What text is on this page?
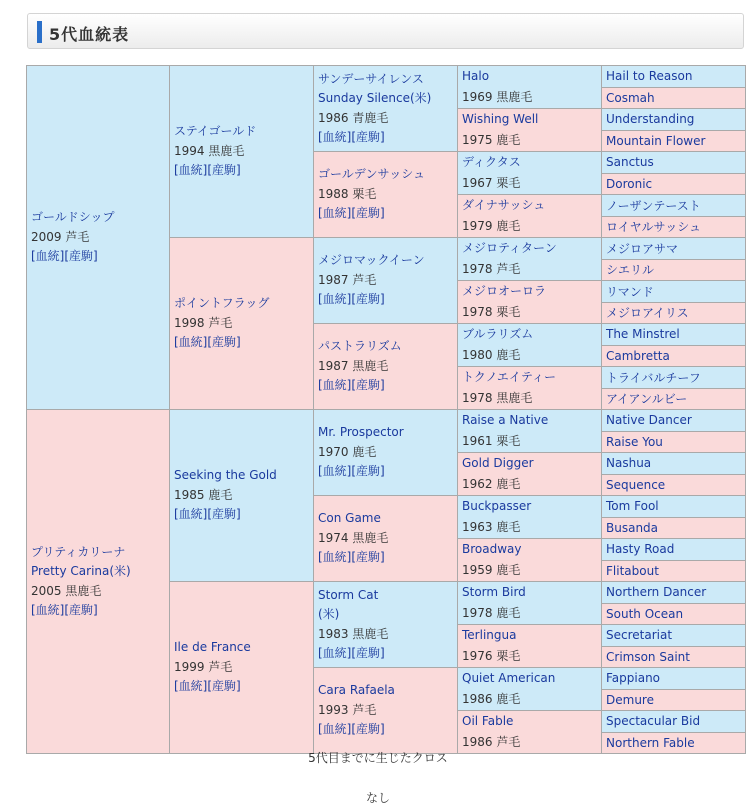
5代血統表
ゴールドシップ
2009 芦毛
[血統][産駒]	ステイゴールド
1994 黒鹿毛
[血統][産駒]	サンデーサイレンス
Sunday Silence(米)
1986 青鹿毛
[血統][産駒]	Halo
1969 黒鹿毛	Hail to Reason
				Cosmah
			Wishing Well
1975 鹿毛	Understanding
				Mountain Flower
		ゴールデンサッシュ
1988 栗毛
[血統][産駒]	ディクタス
1967 栗毛	Sanctus
				Doronic
			ダイナサッシュ
1979 鹿毛	ノーザンテースト
				ロイヤルサッシュ
	ポイントフラッグ
1998 芦毛
[血統][産駒]	メジロマックイーン
1987 芦毛
[血統][産駒]	メジロティターン
1978 芦毛	メジロアサマ
				シエリル
			メジロオーロラ
1978 栗毛	リマンド
				メジロアイリス
		パストラリズム
1987 黒鹿毛
[血統][産駒]	ブルラリズム
1980 鹿毛	The Minstrel
				Cambretta
			トクノエイティー
1978 黒鹿毛	トライバルチーフ
				アイアンルビー
プリティカリーナ
Pretty Carina(米)
2005 黒鹿毛
[血統][産駒]	Seeking the Gold
1985 鹿毛
[血統][産駒]	Mr. Prospector
1970 鹿毛
[血統][産駒]	Raise a Native
1961 栗毛	Native Dancer
				Raise You
			Gold Digger
1962 鹿毛	Nashua
				Sequence
		Con Game
1974 黒鹿毛
[血統][産駒]	Buckpasser
1963 鹿毛	Tom Fool
				Busanda
			Broadway
1959 鹿毛	Hasty Road
				Flitabout
	Ile de France
1999 芦毛
[血統][産駒]	Storm Cat
(米)
1983 黒鹿毛
[血統][産駒]	Storm Bird
1978 鹿毛	Northern Dancer
				South Ocean
			Terlingua
1976 栗毛	Secretariat
				Crimson Saint
		Cara Rafaela
1993 芦毛
[血統][産駒]	Quiet American
1986 鹿毛	Fappiano
				Demure
			Oil Fable
1986 芦毛	Spectacular Bid
				Northern Fable
5代目までに生じたクロス
なし
